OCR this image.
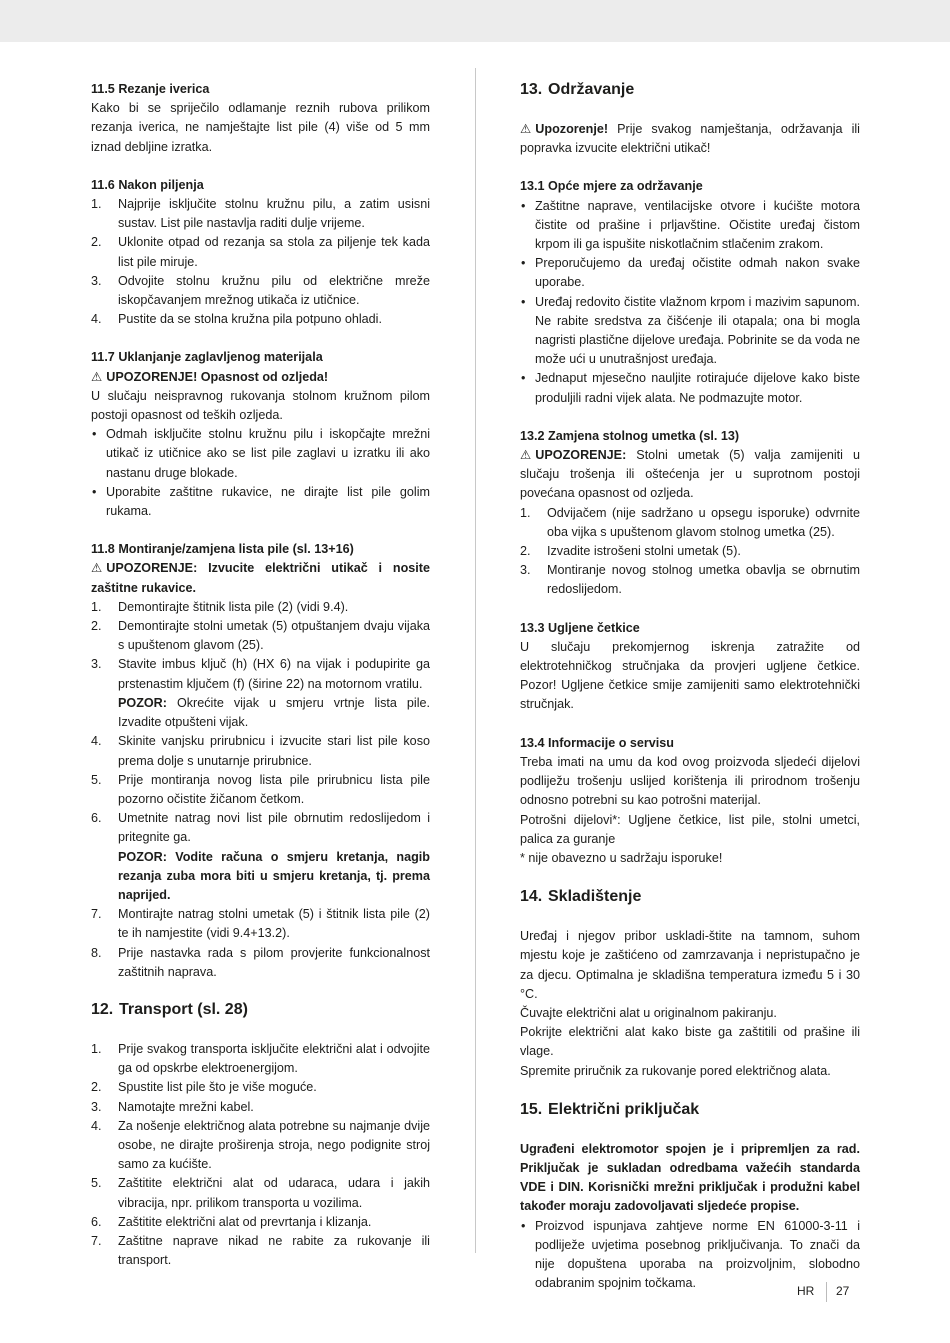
11.5 Rezanje iverica

Kako bi se spriječilo odlamanje reznih rubova prilikom rezanja iverica, ne namještajte list pile (4) više od 5 mm iznad debljine izratka.

11.6 Nakon piljenja
1. Najprije isključite stolnu kružnu pilu, a zatim usisni sustav. List pile nastavlja raditi dulje vrijeme.
2. Uklonite otpad od rezanja sa stola za piljenje tek kada list pile miruje.
3. Odvojite stolnu kružnu pilu od električne mreže iskopčavanjem mrežnog utikača iz utičnice.
4. Pustite da se stolna kružna pila potpuno ohladi.
11.7 Uklanjanje zaglavljenog materijala

⚠ UPOZORENJE! Opasnost od ozljeda!

U slučaju neispravnog rukovanja stolnom kružnom pilom postoji opasnost od teških ozljeda.

• Odmah isključite stolnu kružnu pilu i iskopčajte mrežni utikač iz utičnice ako se list pile zaglavi u izratku ili ako nastanu druge blokade.
• Uporabite zaštitne rukavice, ne dirajte list pile golim rukama.
11.8 Montiranje/zamjena lista pile (sl. 13+16)

⚠ UPOZORENJE: Izvucite električni utikač i nosite zaštitne rukavice.

1. Demontirajte štitnik lista pile (2) (vidi 9.4).
2. Demontirajte stolni umetak (5) otpuštanjem dvaju vijaka s upuštenom glavom (25).
3. Stavite imbus ključ (h) (HX 6) na vijak i podupirite ga prstenastim ključem (f) (širine 22) na motornom vratilu.
POZOR: Okrećite vijak u smjeru vrtnje lista pile. Izvadite otpušteni vijak.
4. Skinite vanjsku prirubnicu i izvucite stari list pile koso prema dolje s unutarnje prirubnice.
5. Prije montiranja novog lista pile prirubnicu lista pile pozorno očistite žičanom četkom.
6. Umetnite natrag novi list pile obrnutim redoslijedom i pritegnite ga.
POZOR: Vodite računa o smjeru kretanja, nagib rezanja zuba mora biti u smjeru kretanja, tj. prema naprijed.
7. Montirajte natrag stolni umetak (5) i štitnik lista pile (2) te ih namjestite (vidi 9.4+13.2).
8. Prije nastavka rada s pilom provjerite funkcionalnost zaštitnih naprava.
12. Transport (sl. 28)
1. Prije svakog transporta isključite električni alat i odvojite ga od opskrbe elektroenergijom.
2. Spustite list pile što je više moguće.
3. Namotajte mrežni kabel.
4. Za nošenje električnog alata potrebne su najmanje dvije osobe, ne dirajte proširenja stroja, nego podignite stroj samo za kućište.
5. Zaštitite električni alat od udaraca, udara i jakih vibracija, npr. prilikom transporta u vozilima.
6. Zaštitite električni alat od prevrtanja i klizanja.
7. Zaštitne naprave nikad ne rabite za rukovanje ili transport.
13. Održavanje

⚠ Upozorenje! Prije svakog namještanja, održavanja ili popravka izvucite električni utikač!

13.1 Opće mjere za održavanje
• Zaštitne naprave, ventilacijske otvore i kućište motora čistite od prašine i prljavštine. Očistite uređaj čistom krpom ili ga ispušite niskotlačnim stlačenim zrakom.
• Preporučujemo da uređaj očistite odmah nakon svake uporabe.
• Uređaj redovito čistite vlažnom krpom i mazivim sapunom. Ne rabite sredstva za čišćenje ili otapala; ona bi mogla nagristi plastične dijelove uređaja. Pobrinite se da voda ne može ući u unutrašnjost uređaja.
• Jednaput mjesečno nauljite rotirajuće dijelove kako biste produljili radni vijek alata. Ne podmazujte motor.
13.2 Zamjena stolnog umetka (sl. 13)

⚠ UPOZORENJE: Stolni umetak (5) valja zamijeniti u slučaju trošenja ili oštećenja jer u suprotnom postoji povećana opasnost od ozljeda.

1. Odvijačem (nije sadržano u opsegu isporuke) odvrnite oba vijka s upuštenom glavom stolnog umetka (25).
2. Izvadite istrošeni stolni umetak (5).
3. Montiranje novog stolnog umetka obavlja se obrnutim redoslijedom.
13.3 Ugljene četkice

U slučaju prekomjernog iskrenja zatražite od elektrotehničkog stručnjaka da provjeri ugljene četkice. Pozor! Ugljene četkice smije zamijeniti samo elektrotehnički stručnjak.

13.4 Informacije o servisu

Treba imati na umu da kod ovog proizvoda sljedeći dijelovi podliježu trošenju uslijed korištenja ili prirodnom trošenju odnosno potrebni su kao potrošni materijal.

Potrošni dijelovi*: Ugljene četkice, list pile, stolni umetci, palica za guranje

* nije obavezno u sadržaju isporuke!

14. Skladištenje

Uređaj i njegov pribor uskladi-štite na tamnom, suhom mjestu koje je zaštićeno od zamrzavanja i nepristupačno je za djecu. Optimalna je skladišna temperatura između 5 i 30 °C.

Čuvajte električni alat u originalnom pakiranju.

Pokrijte električni alat kako biste ga zaštitili od prašine ili vlage.

Spremite priručnik za rukovanje pored električnog alata.

15. Električni priključak

Ugrađeni elektromotor spojen je i pripremljen za rad. Priključak je sukladan odredbama važećih standarda VDE i DIN. Korisnički mrežni priključak i produžni kabel također moraju zadovoljavati sljedeće propise.

• Proizvod ispunjava zahtjeve norme EN 61000-3-11 i podliježe uvjetima posebnog priključivanja. To znači da nije dopuštena uporaba na proizvoljnim, slobodno odabranim spojnim točkama.
HR	27
